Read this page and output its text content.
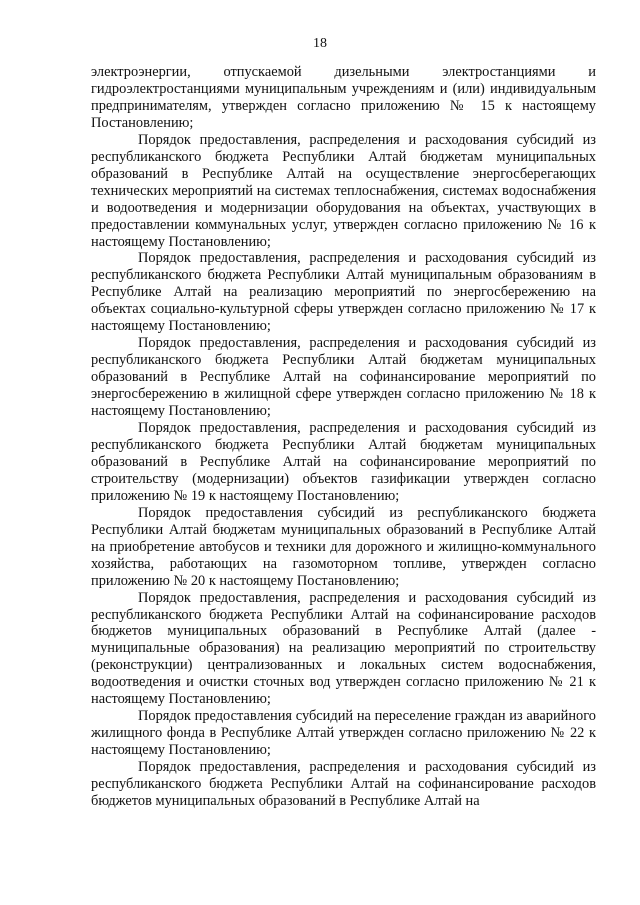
18

электроэнергии, отпускаемой дизельными электростанциями и гидроэлектростанциями муниципальным учреждениям и (или) индивидуальным предпринимателям, утвержден согласно приложению № 15 к настоящему Постановлению;

Порядок предоставления, распределения и расходования субсидий из республиканского бюджета Республики Алтай бюджетам муниципальных образований в Республике Алтай на осуществление энергосберегающих технических мероприятий на системах теплоснабжения, системах водоснабжения и водоотведения и модернизации оборудования на объектах, участвующих в предоставлении коммунальных услуг, утвержден согласно приложению № 16 к настоящему Постановлению;

Порядок предоставления, распределения и расходования субсидий из республиканского бюджета Республики Алтай муниципальным образованиям в Республике Алтай на реализацию мероприятий по энергосбережению на объектах социально-культурной сферы утвержден согласно приложению № 17 к настоящему Постановлению;

Порядок предоставления, распределения и расходования субсидий из республиканского бюджета Республики Алтай бюджетам муниципальных образований в Республике Алтай на софинансирование мероприятий по энергосбережению в жилищной сфере утвержден согласно приложению № 18 к настоящему Постановлению;

Порядок предоставления, распределения и расходования субсидий из республиканского бюджета Республики Алтай бюджетам муниципальных образований в Республике Алтай на софинансирование мероприятий по строительству (модернизации) объектов газификации утвержден согласно приложению № 19 к настоящему Постановлению;

Порядок предоставления субсидий из республиканского бюджета Республики Алтай бюджетам муниципальных образований в Республике Алтай на приобретение автобусов и техники для дорожного и жилищно-коммунального хозяйства, работающих на газомоторном топливе, утвержден согласно приложению № 20 к настоящему Постановлению;

Порядок предоставления, распределения и расходования субсидий из республиканского бюджета Республики Алтай на софинансирование расходов бюджетов муниципальных образований в Республике Алтай (далее - муниципальные образования) на реализацию мероприятий по строительству (реконструкции) централизованных и локальных систем водоснабжения, водоотведения и очистки сточных вод утвержден согласно приложению № 21 к настоящему Постановлению;

Порядок предоставления субсидий на переселение граждан из аварийного жилищного фонда в Республике Алтай утвержден согласно приложению № 22 к настоящему Постановлению;

Порядок предоставления, распределения и расходования субсидий из республиканского бюджета Республики Алтай на софинансирование расходов бюджетов муниципальных образований в Республике Алтай на
